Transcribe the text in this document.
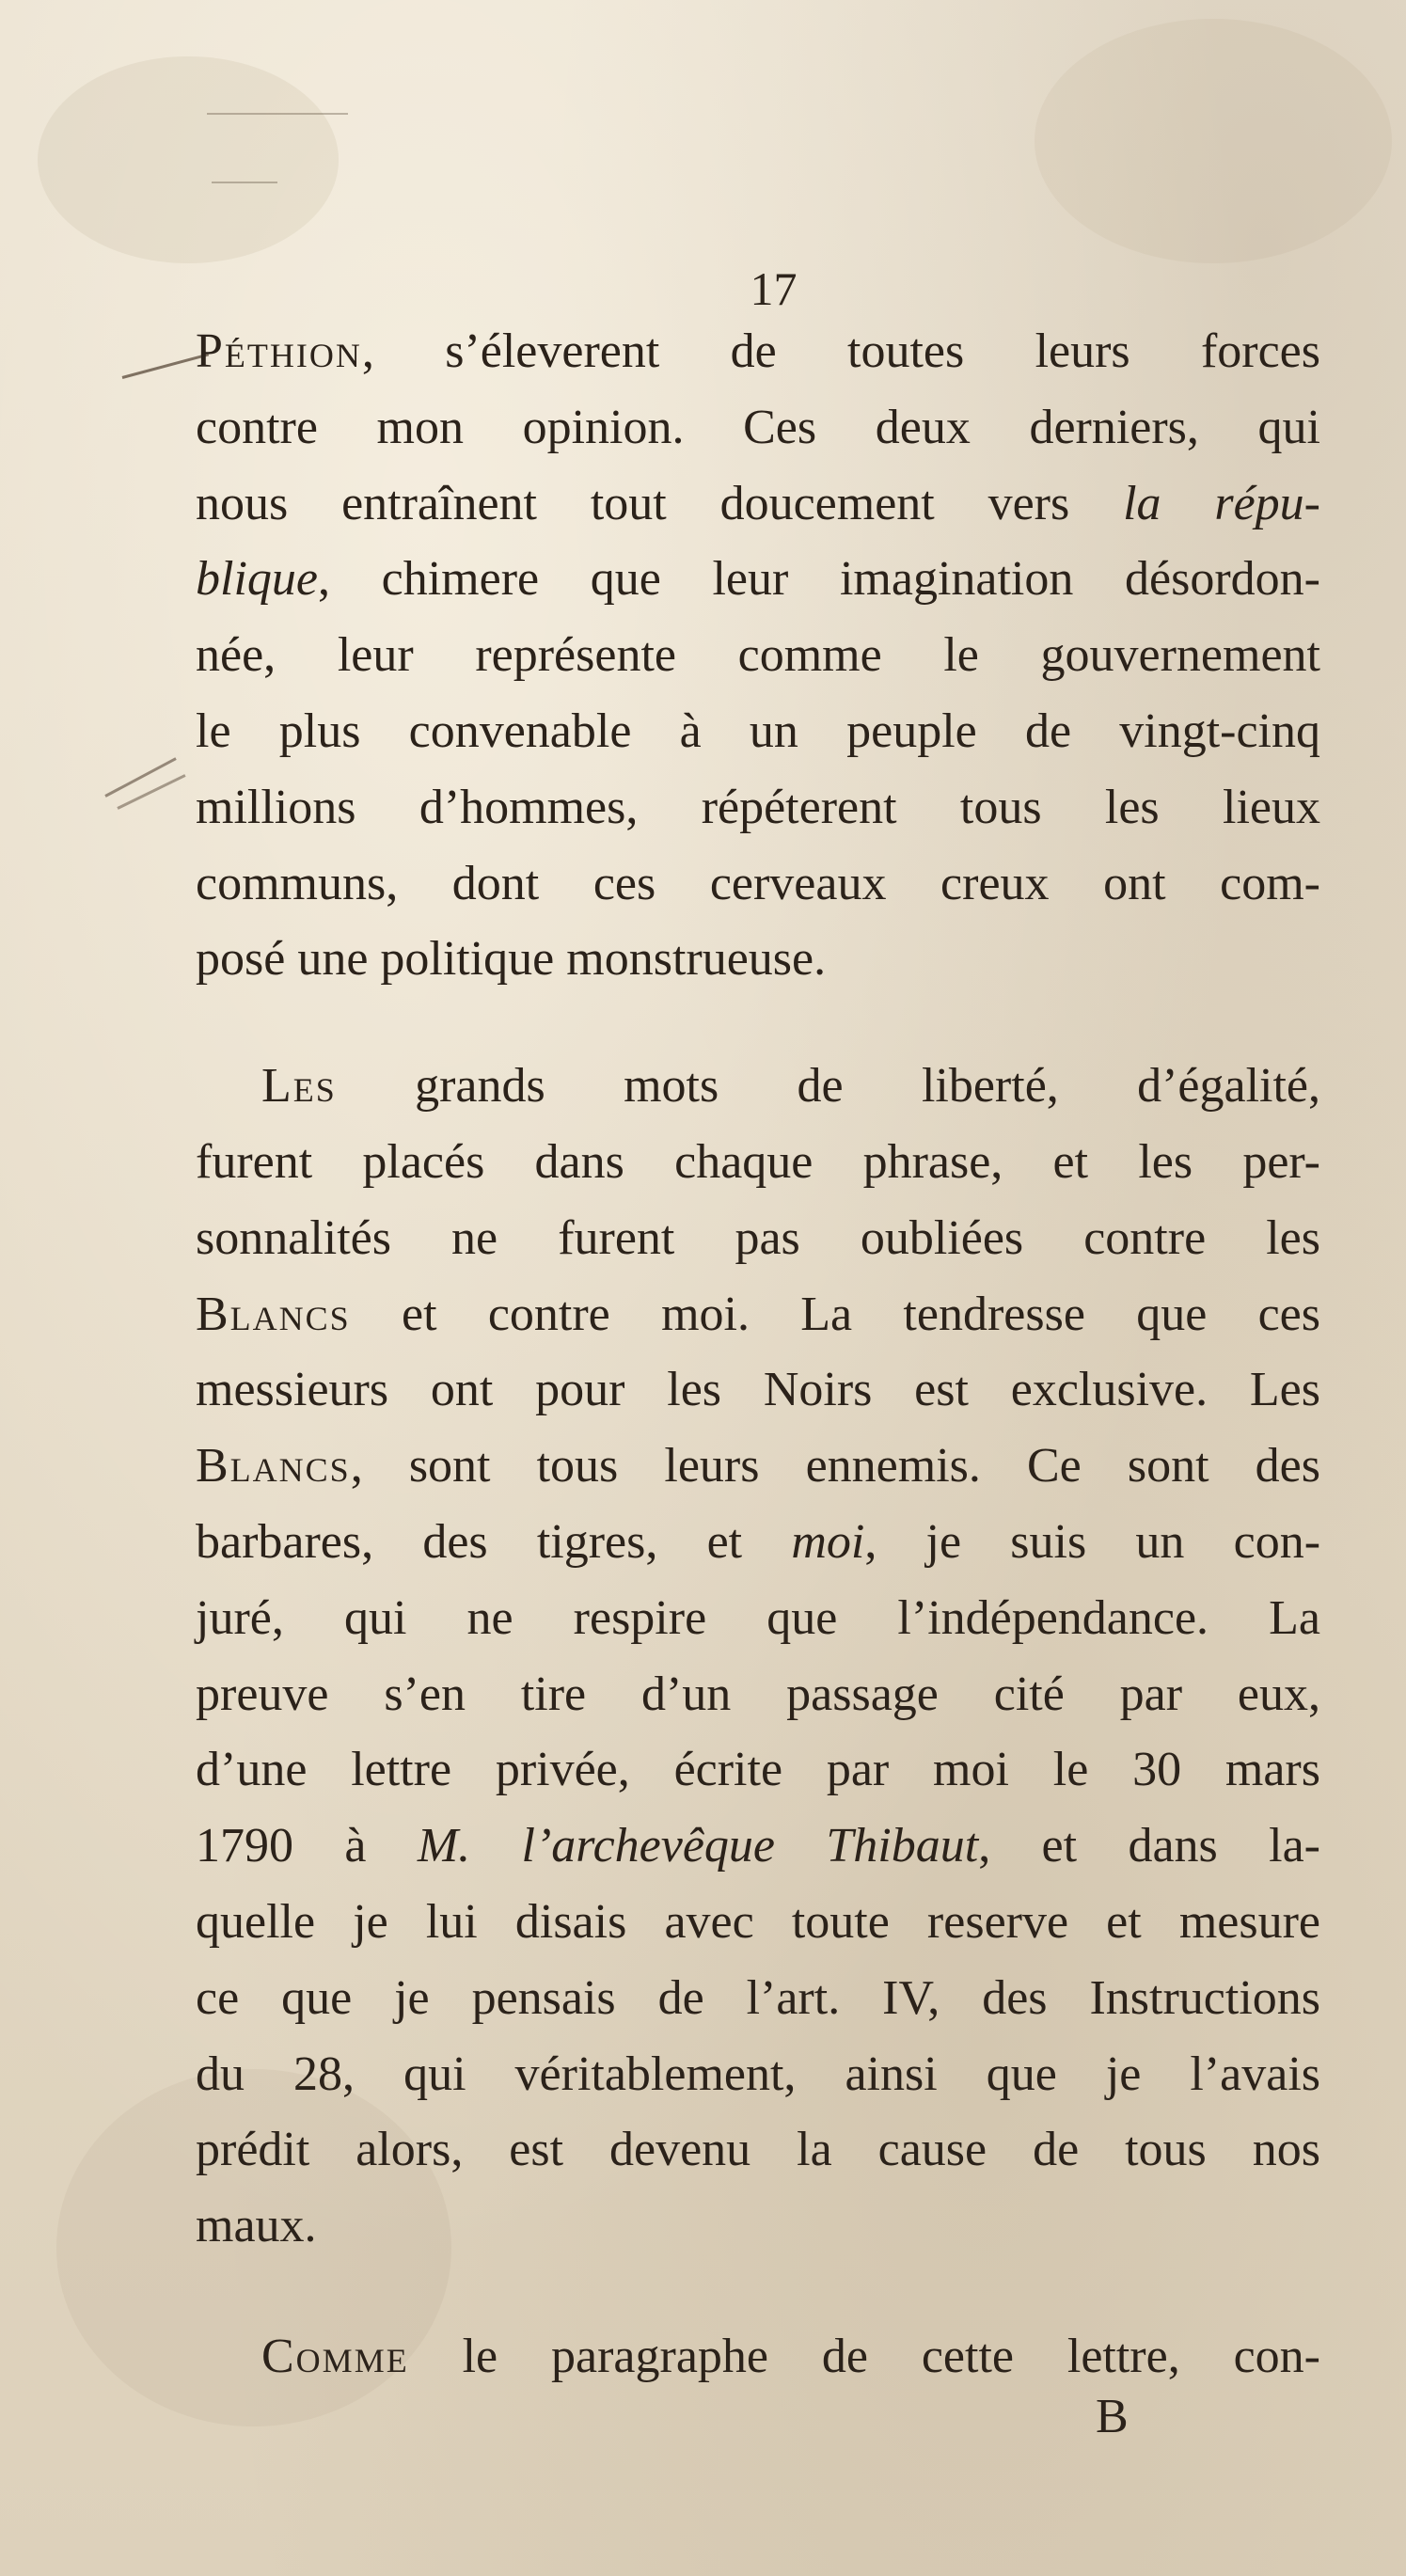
17

Péthion, s’éleverent de toutes leurs forces
contre mon opinion. Ces deux derniers, qui
nous entraînent tout doucement vers la répu-
blique, chimere que leur imagination désordon-
née, leur représente comme le gouvernement
le plus convenable à un peuple de vingt-cinq
millions d’hommes, répéterent tous les lieux
communs, dont ces cerveaux creux ont com-
posé une politique monstrueuse.

Les grands mots de liberté, d’égalité,
furent placés dans chaque phrase, et les per-
sonnalités ne furent pas oubliées contre les
Blancs et contre moi. La tendresse que ces
messieurs ont pour les Noirs est exclusive. Les
Blancs, sont tous leurs ennemis. Ce sont des
barbares, des tigres, et moi, je suis un con-
juré, qui ne respire que l’indépendance. La
preuve s’en tire d’un passage cité par eux,
d’une lettre privée, écrite par moi le 30 mars
1790 à M. l’archevêque Thibaut, et dans la-
quelle je lui disais avec toute reserve et mesure
ce que je pensais de l’art. IV, des Instructions
du 28, qui véritablement, ainsi que je l’avais
prédit alors, est devenu la cause de tous nos
maux.

Comme le paragraphe de cette lettre, con-

B
